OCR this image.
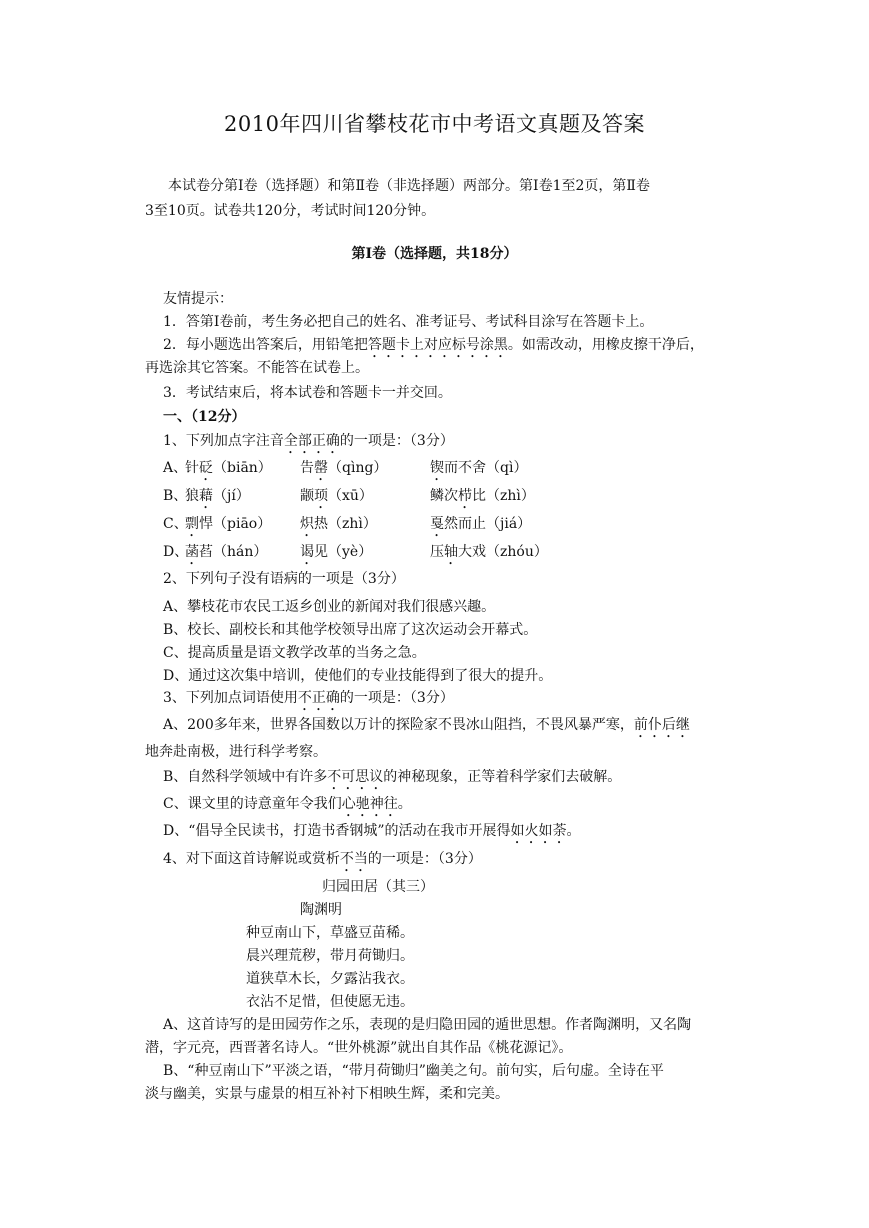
2010年四川省攀枝花市中考语文真题及答案
本试卷分第Ⅰ卷（选择题）和第Ⅱ卷（非选择题）两部分。第Ⅰ卷1至2页，第Ⅱ卷
3至10页。试卷共120分，考试时间120分钟。
第Ⅰ卷（选择题，共18分）
友情提示：
1．答第Ⅰ卷前，考生务必把自己的姓名、准考证号、考试科目涂写在答题卡上。
2．每小题选出答案后，用铅笔把答题卡上对应标号涂黑。如需改动，用橡皮擦干净后，
再选涂其它答案。不能答在试卷上。
3．考试结束后，将本试卷和答题卡一并交回。
一、（12分）
1、下列加点字注音全部正确的一项是：（3分）
A、
针砭（biān） 告罄（qìng）	锲而不舍（qì）
B、
狼藉（jí）	颛顼（xū）	鳞次栉比（zhì）
C、
剽悍（piāo） 炽热（zhì）	戛然而止（jiá）
D、
菡萏（hán） 谒见（yè）	压轴大戏（zhóu）
2、下列句子没有语病的一项是（3分）
A、攀枝花市农民工返乡创业的新闻对我们很感兴趣。
B、校长、副校长和其他学校领导出席了这次运动会开幕式。
C、提高质量是语文教学改革的当务之急。
D、通过这次集中培训，使他们的专业技能得到了很大的提升。
3、下列加点词语使用不正确的一项是：（3分）
A、200多年来，世界各国数以万计的探险家不畏冰山阻挡，不畏风暴严寒，前仆后继
地奔赴南极，进行科学考察。
B、自然科学领域中有许多不可思议的神秘现象，正等着科学家们去破解。
C、课文里的诗意童年令我们心驰神往。
D、“倡导全民读书，打造书香钢城”的活动在我市开展得如火如荼。
4、对下面这首诗解说或赏析不当的一项是：（3分）
归园田居（其三）
陶渊明
种豆南山下，草盛豆苗稀。
晨兴理荒秽，带月荷锄归。
道狭草木长，夕露沾我衣。
衣沾不足惜，但使愿无违。
A、这首诗写的是田园劳作之乐，表现的是归隐田园的遁世思想。作者陶渊明，又名陶
潜，字元亮，西晋著名诗人。“世外桃源”就出自其作品《桃花源记》。
B、“种豆南山下”平淡之语，“带月荷锄归”幽美之句。前句实，后句虚。全诗在平
淡与幽美，实景与虚景的相互补衬下相映生辉，柔和完美。
